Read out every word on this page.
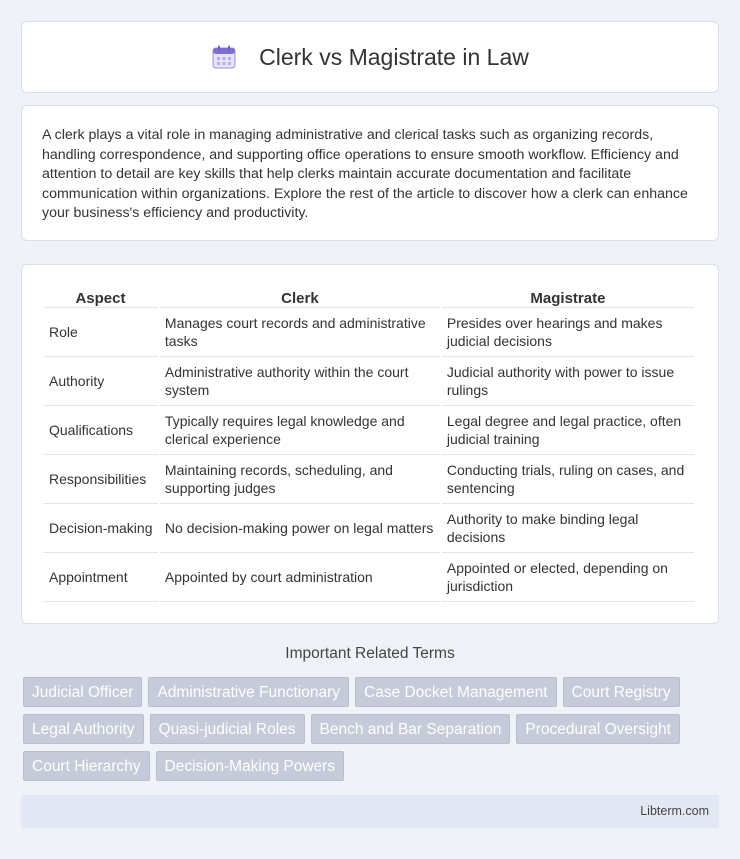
Clerk vs Magistrate in Law

A clerk plays a vital role in managing administrative and clerical tasks such as organizing records, handling correspondence, and supporting office operations to ensure smooth workflow. Efficiency and attention to detail are key skills that help clerks maintain accurate documentation and facilitate communication within organizations. Explore the rest of the article to discover how a clerk can enhance your business's efficiency and productivity.

Aspect	Clerk	Magistrate
Role	Manages court records and administrative tasks	Presides over hearings and makes judicial decisions
Authority	Administrative authority within the court system	Judicial authority with power to issue rulings
Qualifications	Typically requires legal knowledge and clerical experience	Legal degree and legal practice, often judicial training
Responsibilities	Maintaining records, scheduling, and supporting judges	Conducting trials, ruling on cases, and sentencing
Decision-making	No decision-making power on legal matters	Authority to make binding legal decisions
Appointment	Appointed by court administration	Appointed or elected, depending on jurisdiction
Important Related Terms
Judicial Officer	Administrative Functionary	Case Docket Management	Court Registry
Legal Authority	Quasi-judicial Roles	Bench and Bar Separation	Procedural Oversight
Court Hierarchy	Decision-Making Powers
Libterm.com
